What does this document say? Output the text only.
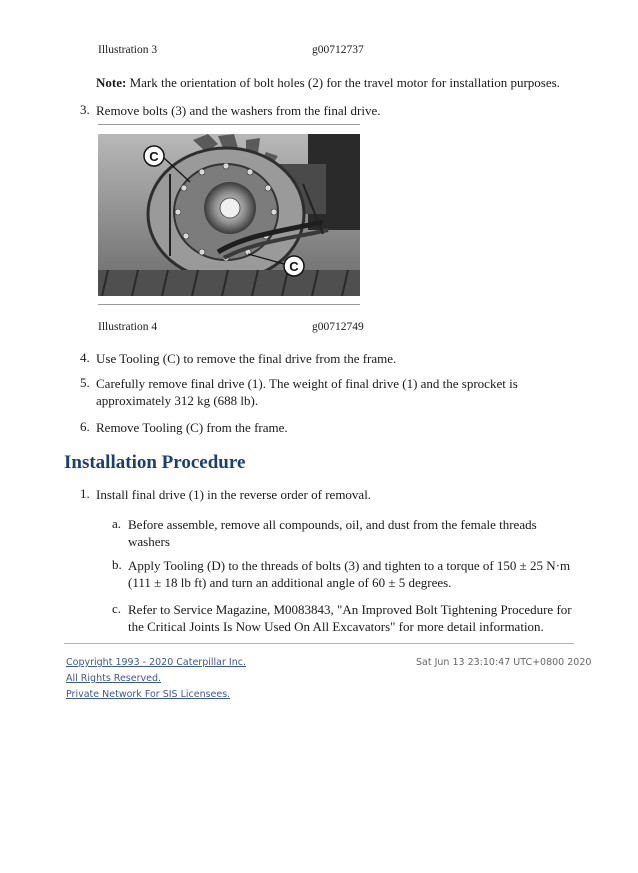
Illustration 3	g00712737
Note: Mark the orientation of bolt holes (2) for the travel motor for installation purposes.
3. Remove bolts (3) and the washers from the final drive.
C
C
Illustration 4	g00712749
4. Use Tooling (C) to remove the final drive from the frame.
5. Carefully remove final drive (1). The weight of final drive (1) and the sprocket is approximately 312 kg (688 lb).
6. Remove Tooling (C) from the frame.
Installation Procedure
1. Install final drive (1) in the reverse order of removal.
a. Before assemble, remove all compounds, oil, and dust from the female threads washers
b. Apply Tooling (D) to the threads of bolts (3) and tighten to a torque of 150 ± 25 N·m (111 ± 18 lb ft) and turn an additional angle of 60 ± 5 degrees.
c. Refer to Service Magazine, M0083843, "An Improved Bolt Tightening Procedure for the Critical Joints Is Now Used On All Excavators" for more detail information.
Copyright 1993 - 2020 Caterpillar Inc.	Sat Jun 13 23:10:47 UTC+0800 2020
All Rights Reserved.
Private Network For SIS Licensees.
